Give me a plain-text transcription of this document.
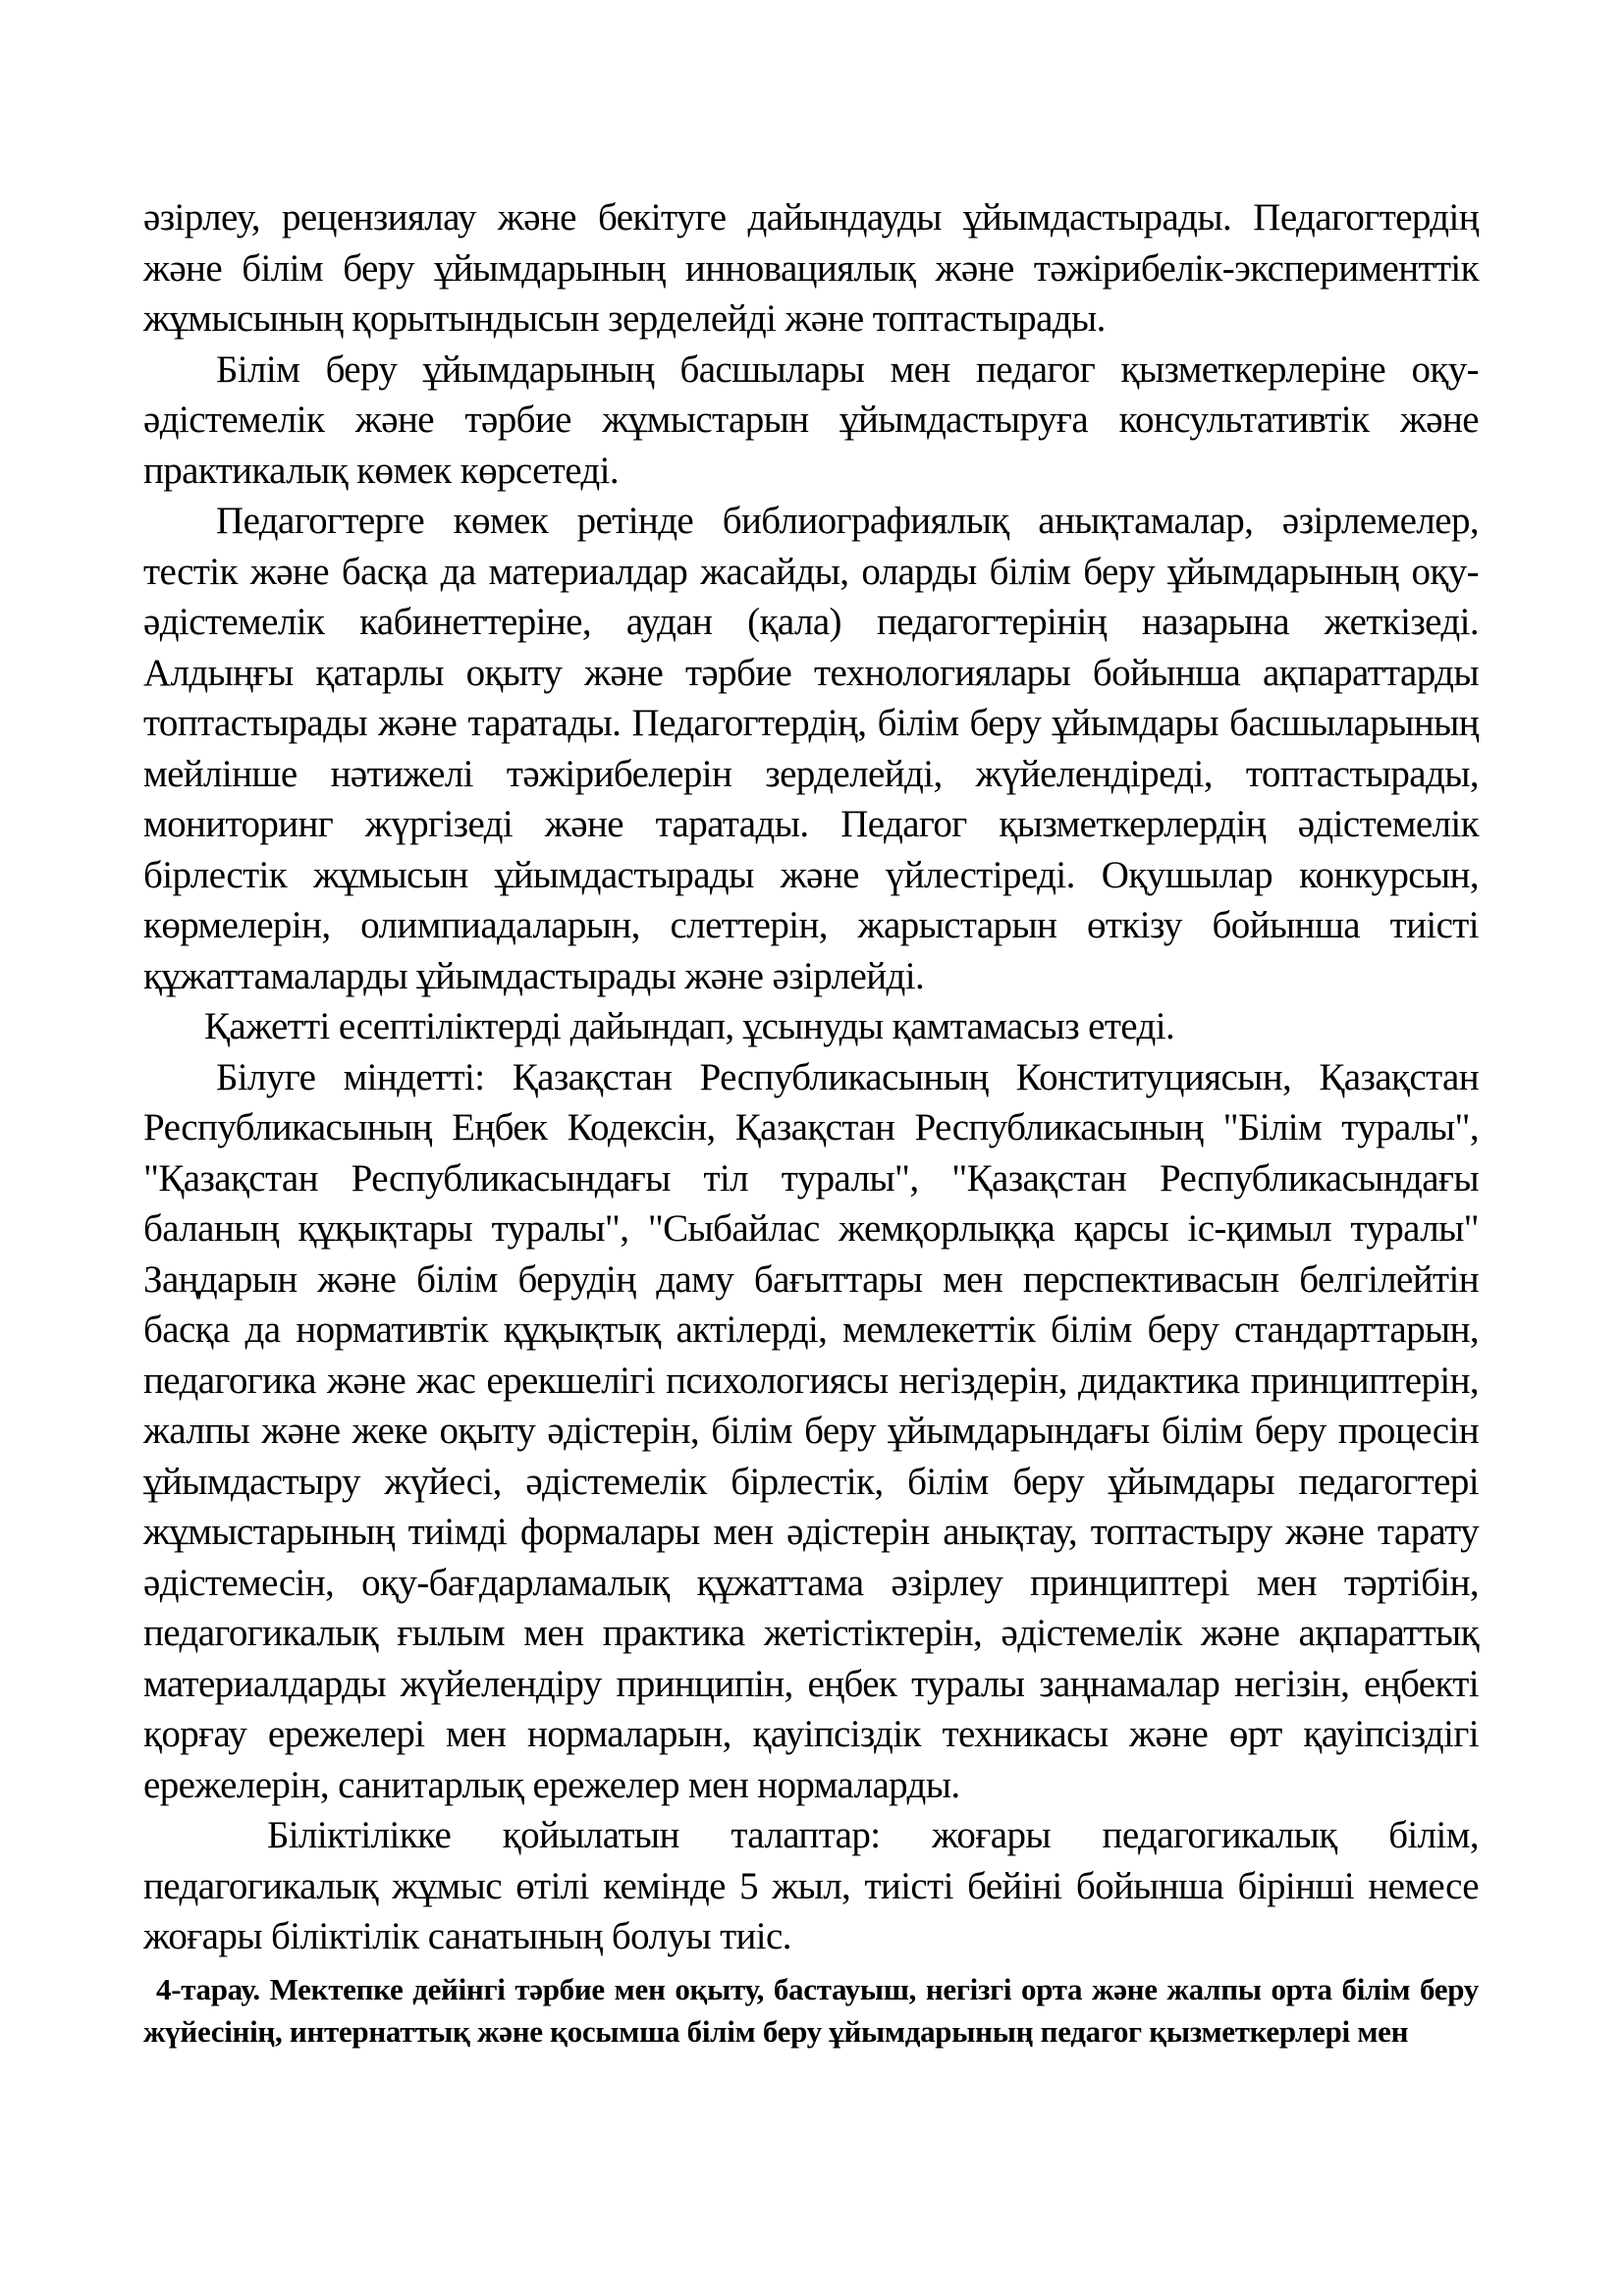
әзірлеу, рецензиялау және бекітуге дайындауды ұйымдастырады. Педагогтердің және білім беру ұйымдарының инновациялық және тәжірибелік-эксперименттік жұмысының қорытындысын зерделейді және топтастырады.

Білім беру ұйымдарының басшылары мен педагог қызметкерлеріне оқу-әдістемелік және тәрбие жұмыстарын ұйымдастыруға консультативтік және практикалық көмек көрсетеді.

Педагогтерге көмек ретінде библиографиялық анықтамалар, әзірлемелер, тестік және басқа да материалдар жасайды, оларды білім беру ұйымдарының оқу-әдістемелік кабинеттеріне, аудан (қала) педагогтерінің назарына жеткізеді. Алдыңғы қатарлы оқыту және тәрбие технологиялары бойынша ақпараттарды топтастырады және таратады. Педагогтердің, білім беру ұйымдары басшыларының мейлінше нәтижелі тәжірибелерін зерделейді, жүйелендіреді, топтастырады, мониторинг жүргізеді және таратады. Педагог қызметкерлердің әдістемелік бірлестік жұмысын ұйымдастырады және үйлестіреді. Оқушылар конкурсын, көрмелерін, олимпиадаларын, слеттерін, жарыстарын өткізу бойынша тиісті құжаттамаларды ұйымдастырады және әзірлейді.

Қажетті есептіліктерді дайындап, ұсынуды қамтамасыз етеді.

Білуге міндетті: Қазақстан Республикасының Конституциясын, Қазақстан Республикасының Еңбек Кодексін, Қазақстан Республикасының "Білім туралы", "Қазақстан Республикасындағы тіл туралы", "Қазақстан Республикасындағы баланың құқықтары туралы", "Сыбайлас жемқорлыққа қарсы іс-қимыл туралы" Заңдарын және білім берудің даму бағыттары мен перспективасын белгілейтін басқа да нормативтік құқықтық актілерді, мемлекеттік білім беру стандарттарын, педагогика және жас ерекшелігі психологиясы негіздерін, дидактика принциптерін, жалпы және жеке оқыту әдістерін, білім беру ұйымдарындағы білім беру процесін ұйымдастыру жүйесі, әдістемелік бірлестік, білім беру ұйымдары педагогтері жұмыстарының тиімді формалары мен әдістерін анықтау, топтастыру және тарату әдістемесін, оқу-бағдарламалық құжаттама әзірлеу принциптері мен тәртібін, педагогикалық ғылым мен практика жетістіктерін, әдістемелік және ақпараттық материалдарды жүйелендіру принципін, еңбек туралы заңнамалар негізін, еңбекті қорғау ережелері мен нормаларын, қауіпсіздік техникасы және өрт қауіпсіздігі ережелерін, санитарлық ережелер мен нормаларды.

Біліктілікке қойылатын талаптар: жоғары педагогикалық білім, педагогикалық жұмыс өтілі кемінде 5 жыл, тиісті бейіні бойынша бірінші немесе жоғары біліктілік санатының болуы тиіс.

4-тарау. Мектепке дейінгі тәрбие мен оқыту, бастауыш, негізгі орта және жалпы орта білім беру жүйесінің, интернаттық және қосымша білім беру ұйымдарының педагог қызметкерлері мен
